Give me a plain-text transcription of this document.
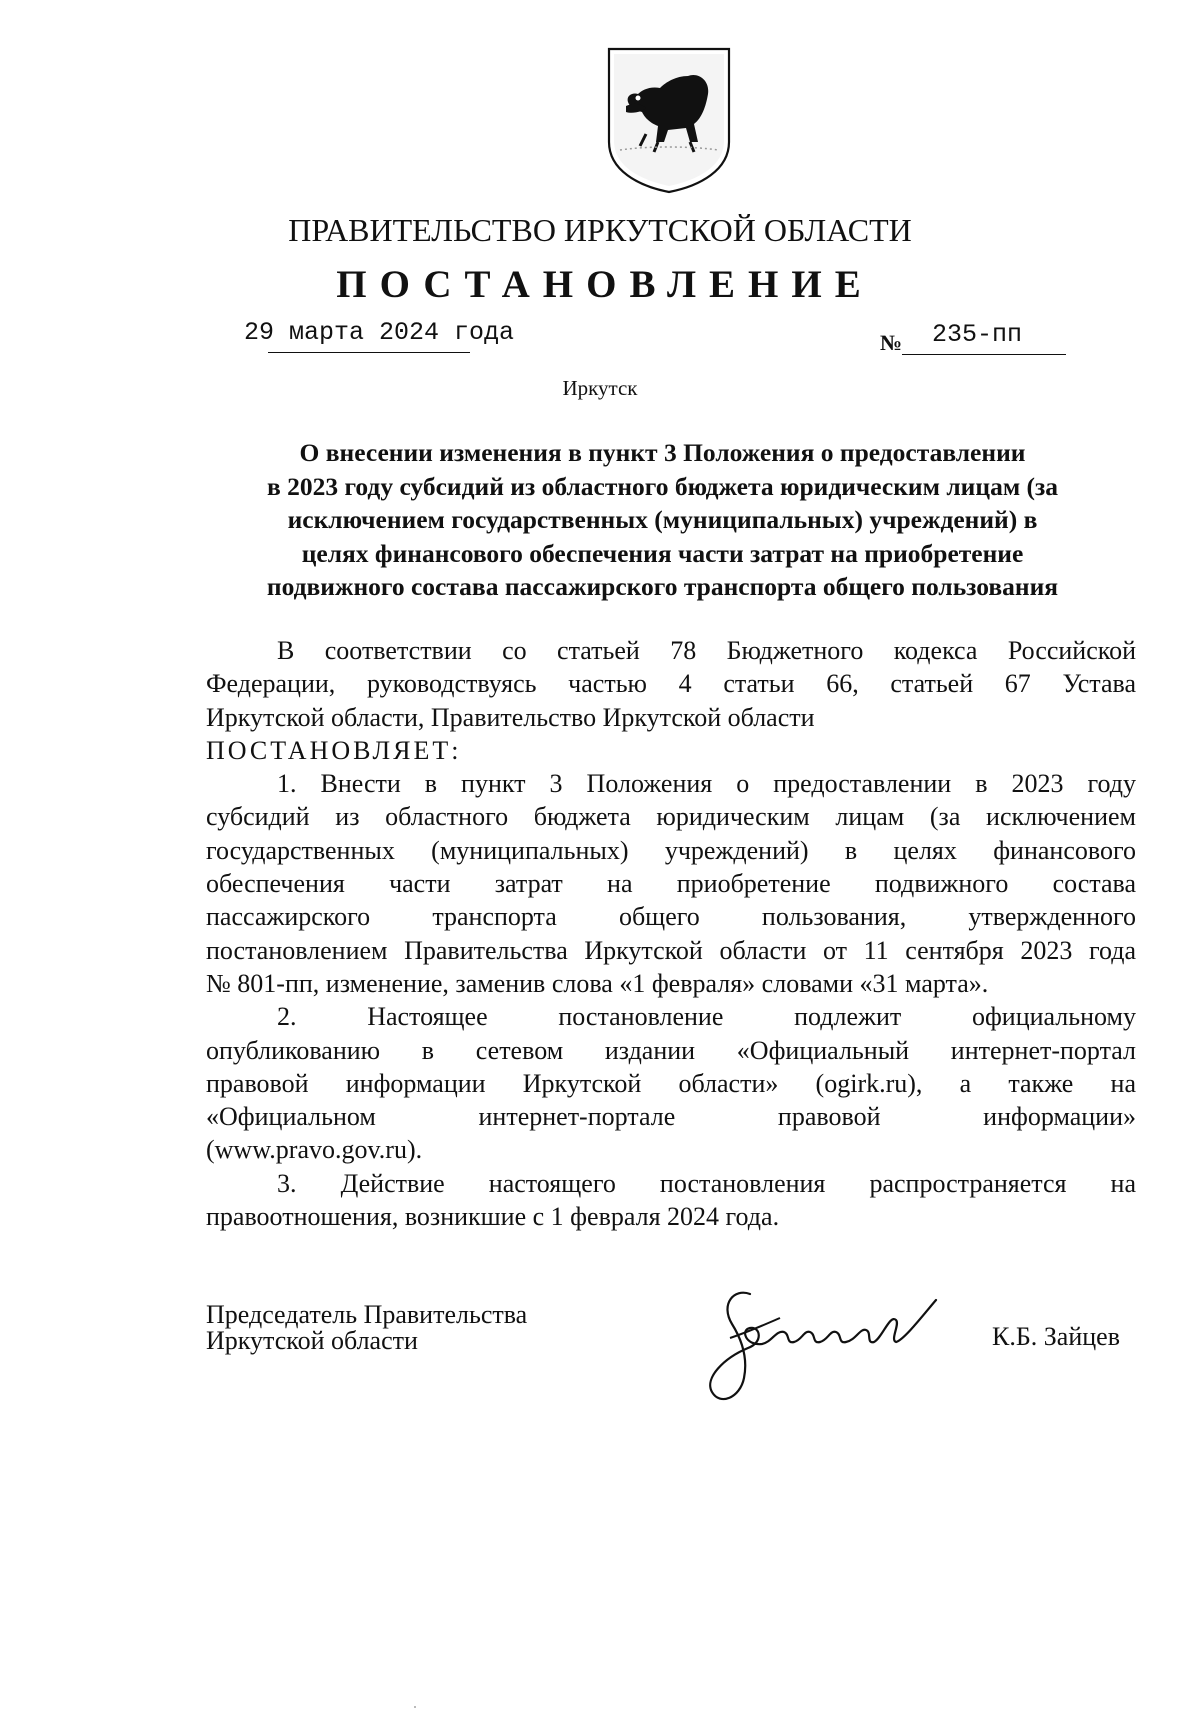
ПРАВИТЕЛЬСТВО ИРКУТСКОЙ ОБЛАСТИ
ПОСТАНОВЛЕНИЕ
29 марта 2024 года	№ 235-пп
Иркутск
О внесении изменения в пункт 3 Положения о предоставлении
в 2023 году субсидий из областного бюджета юридическим лицам (за
исключением государственных (муниципальных) учреждений) в
целях финансового обеспечения части затрат на приобретение
подвижного состава пассажирского транспорта общего пользования
В соответствии со статьей 78 Бюджетного кодекса Российской
Федерации, руководствуясь частью 4 статьи 66, статьей 67 Устава
Иркутской области, Правительство Иркутской области
ПОСТАНОВЛЯЕТ:
1. Внести в пункт 3 Положения о предоставлении в 2023 году
субсидий из областного бюджета юридическим лицам (за исключением
государственных (муниципальных) учреждений) в целях финансового
обеспечения части затрат на приобретение подвижного состава
пассажирского транспорта общего пользования, утвержденного
постановлением Правительства Иркутской области от 11 сентября 2023 года
№ 801-пп, изменение, заменив слова «1 февраля» словами «31 марта».
2. Настоящее постановление подлежит официальному
опубликованию в сетевом издании «Официальный интернет-портал
правовой информации Иркутской области» (ogirk.ru), а также на
«Официальном интернет-портале правовой информации»
(www.pravo.gov.ru).
3. Действие настоящего постановления распространяется на
правоотношения, возникшие с 1 февраля 2024 года.
Председатель Правительства
Иркутской области	К.Б. Зайцев
